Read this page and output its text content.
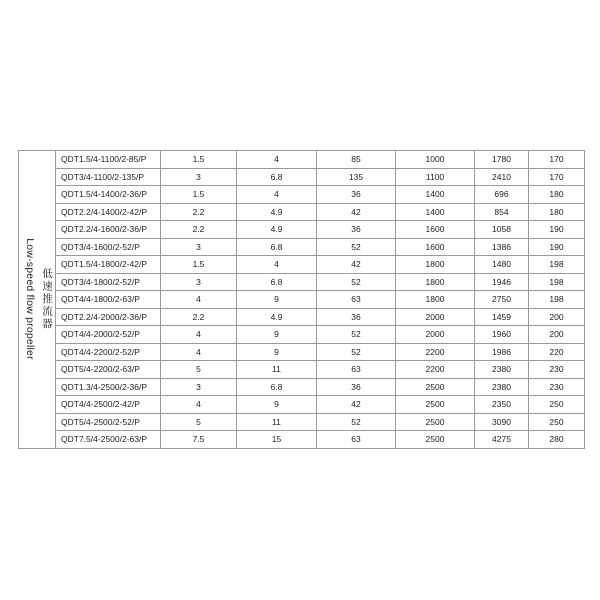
Low-speed flow propeller 低速推流器	QDT1.5/4-1100/2-85/P	1.5	4	85	1000	1780	170
	QDT3/4-1100/2-135/P	3	6.8	135	1100	2410	170
	QDT1.5/4-1400/2-36/P	1.5	4	36	1400	696	180
	QDT2.2/4-1400/2-42/P	2.2	4.9	42	1400	854	180
	QDT2.2/4-1600/2-36/P	2.2	4.9	36	1600	1058	190
	QDT3/4-1600/2-52/P	3	6.8	52	1600	1386	190
	QDT1.5/4-1800/2-42/P	1.5	4	42	1800	1480	198
	QDT3/4-1800/2-52/P	3	6.8	52	1800	1946	198
	QDT4/4-1800/2-63/P	4	9	63	1800	2750	198
	QDT2.2/4-2000/2-36/P	2.2	4.9	36	2000	1459	200
	QDT4/4-2000/2-52/P	4	9	52	2000	1960	200
	QDT4/4-2200/2-52/P	4	9	52	2200	1986	220
	QDT5/4-2200/2-63/P	5	11	63	2200	2380	230
	QDT1.3/4-2500/2-36/P	3	6.8	36	2500	2380	230
	QDT4/4-2500/2-42/P	4	9	42	2500	2350	250
	QDT5/4-2500/2-52/P	5	11	52	2500	3090	250
	QDT7.5/4-2500/2-63/P	7.5	15	63	2500	4275	280
